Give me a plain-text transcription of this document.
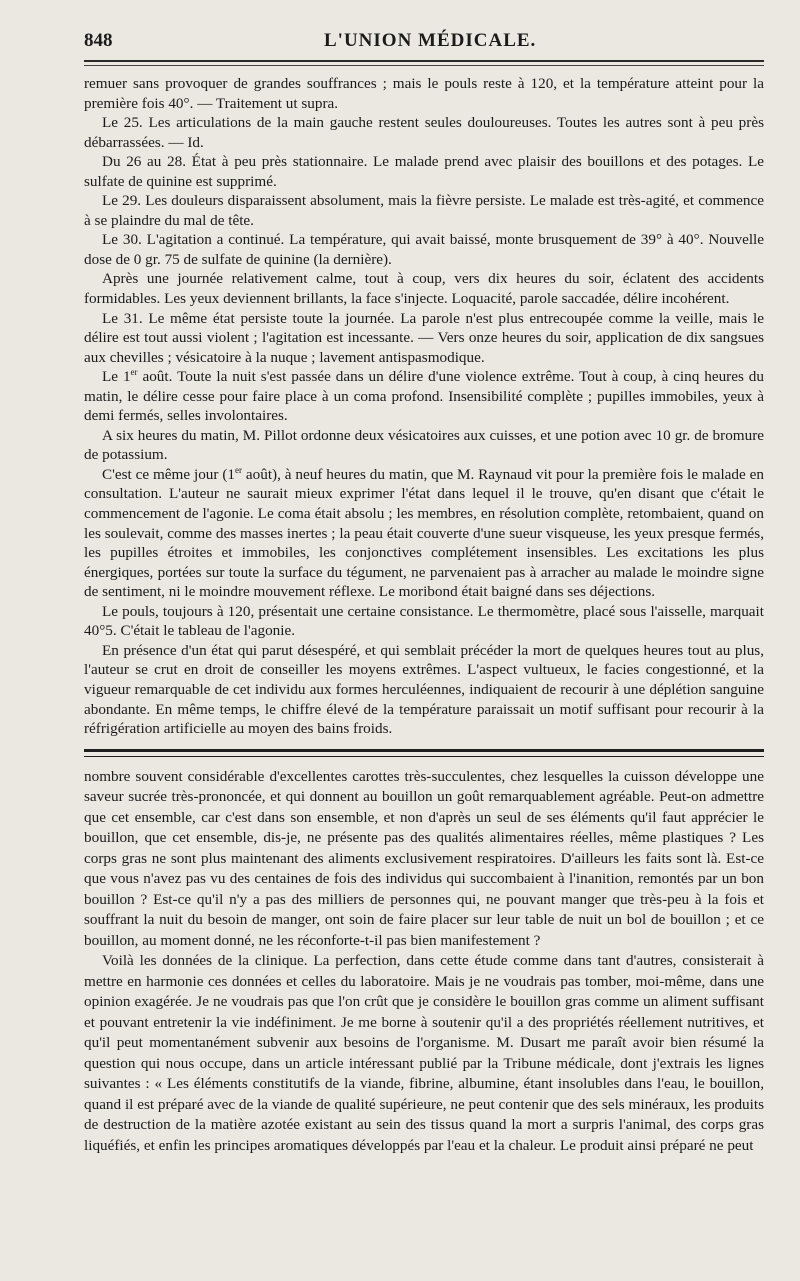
848	L'UNION MÉDICALE.

remuer sans provoquer de grandes souffrances ; mais le pouls reste à 120, et la température atteint pour la première fois 40°. — Traitement ut supra.

Le 25. Les articulations de la main gauche restent seules douloureuses. Toutes les autres sont à peu près débarrassées. — Id.

Du 26 au 28. État à peu près stationnaire. Le malade prend avec plaisir des bouillons et des potages. Le sulfate de quinine est supprimé.

Le 29. Les douleurs disparaissent absolument, mais la fièvre persiste. Le malade est très-agité, et commence à se plaindre du mal de tête.

Le 30. L'agitation a continué. La température, qui avait baissé, monte brusquement de 39° à 40°. Nouvelle dose de 0 gr. 75 de sulfate de quinine (la dernière).

Après une journée relativement calme, tout à coup, vers dix heures du soir, éclatent des accidents formidables. Les yeux deviennent brillants, la face s'injecte. Loquacité, parole saccadée, délire incohérent.

Le 31. Le même état persiste toute la journée. La parole n'est plus entrecoupée comme la veille, mais le délire est tout aussi violent ; l'agitation est incessante. — Vers onze heures du soir, application de dix sangsues aux chevilles ; vésicatoire à la nuque ; lavement antispasmodique.

Le 1er août. Toute la nuit s'est passée dans un délire d'une violence extrême. Tout à coup, à cinq heures du matin, le délire cesse pour faire place à un coma profond. Insensibilité complète ; pupilles immobiles, yeux à demi fermés, selles involontaires.

A six heures du matin, M. Pillot ordonne deux vésicatoires aux cuisses, et une potion avec 10 gr. de bromure de potassium.

C'est ce même jour (1er août), à neuf heures du matin, que M. Raynaud vit pour la première fois le malade en consultation. L'auteur ne saurait mieux exprimer l'état dans lequel il le trouve, qu'en disant que c'était le commencement de l'agonie. Le coma était absolu ; les membres, en résolution complète, retombaient, quand on les soulevait, comme des masses inertes ; la peau était couverte d'une sueur visqueuse, les yeux presque fermés, les pupilles étroites et immobiles, les conjonctives complétement insensibles. Les excitations les plus énergiques, portées sur toute la surface du tégument, ne parvenaient pas à arracher au malade le moindre signe de sentiment, ni le moindre mouvement réflexe. Le moribond était baigné dans ses déjections.

Le pouls, toujours à 120, présentait une certaine consistance. Le thermomètre, placé sous l'aisselle, marquait 40°5. C'était le tableau de l'agonie.

En présence d'un état qui parut désespéré, et qui semblait précéder la mort de quelques heures tout au plus, l'auteur se crut en droit de conseiller les moyens extrêmes. L'aspect vultueux, le facies congestionné, et la vigueur remarquable de cet individu aux formes herculéennes, indiquaient de recourir à une déplétion sanguine abondante. En même temps, le chiffre élevé de la température paraissait un motif suffisant pour recourir à la réfrigération artificielle au moyen des bains froids.

nombre souvent considérable d'excellentes carottes très-succulentes, chez lesquelles la cuisson développe une saveur sucrée très-prononcée, et qui donnent au bouillon un goût remarquablement agréable. Peut-on admettre que cet ensemble, car c'est dans son ensemble, et non d'après un seul de ses éléments qu'il faut apprécier le bouillon, que cet ensemble, dis-je, ne présente pas des qualités alimentaires réelles, même plastiques ? Les corps gras ne sont plus maintenant des aliments exclusivement respiratoires. D'ailleurs les faits sont là. Est-ce que vous n'avez pas vu des centaines de fois des individus qui succombaient à l'inanition, remontés par un bon bouillon ? Est-ce qu'il n'y a pas des milliers de personnes qui, ne pouvant manger que très-peu à la fois et souffrant la nuit du besoin de manger, ont soin de faire placer sur leur table de nuit un bol de bouillon ; et ce bouillon, au moment donné, ne les réconforte-t-il pas bien manifestement ?

Voilà les données de la clinique. La perfection, dans cette étude comme dans tant d'autres, consisterait à mettre en harmonie ces données et celles du laboratoire. Mais je ne voudrais pas tomber, moi-même, dans une opinion exagérée. Je ne voudrais pas que l'on crût que je considère le bouillon gras comme un aliment suffisant et pouvant entretenir la vie indéfiniment. Je me borne à soutenir qu'il a des propriétés réellement nutritives, et qu'il peut momentanément subvenir aux besoins de l'organisme. M. Dusart me paraît avoir bien résumé la question qui nous occupe, dans un article intéressant publié par la Tribune médicale, dont j'extrais les lignes suivantes : « Les éléments constitutifs de la viande, fibrine, albumine, étant insolubles dans l'eau, le bouillon, quand il est préparé avec de la viande de qualité supérieure, ne peut contenir que des sels minéraux, les produits de destruction de la matière azotée existant au sein des tissus quand la mort a surpris l'animal, des corps gras liquéfiés, et enfin les principes aromatiques développés par l'eau et la chaleur. Le produit ainsi préparé ne peut
